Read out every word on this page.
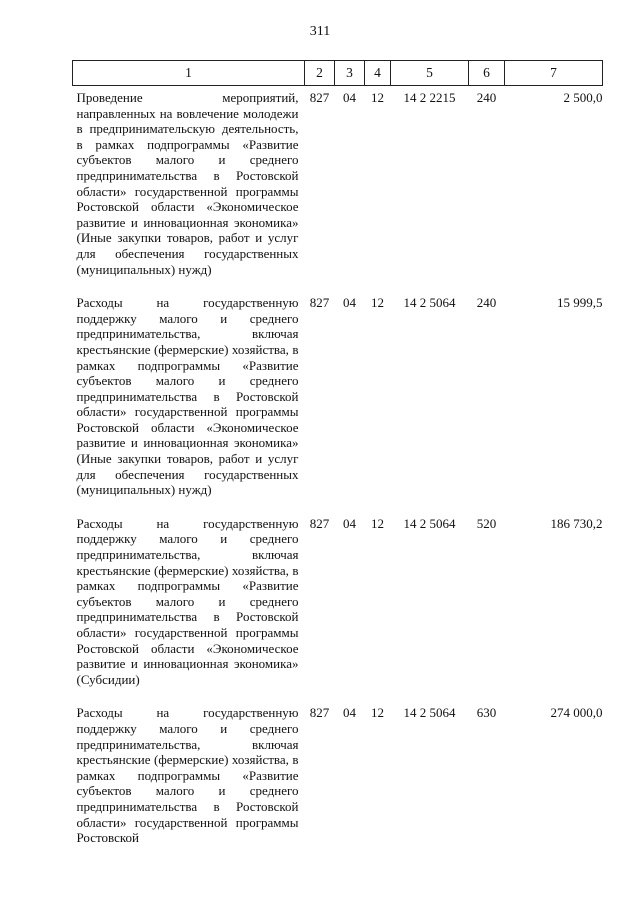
311
1	2	3	4	5	6	7
Проведение мероприятий, направленных на вовлечение молодежи в предпринимательскую деятельность, в рамках подпрограммы «Развитие субъектов малого и среднего предпринимательства в Ростовской области» государственной программы Ростовской области «Экономическое развитие и инновационная экономика» (Иные закупки товаров, работ и услуг для обеспечения государственных (муниципальных) нужд)	827	04	12	14 2 2215	240	2 500,0
Расходы на государственную поддержку малого и среднего предпринимательства, включая крестьянские (фермерские) хозяйства, в рамках подпрограммы «Развитие субъектов малого и среднего предпринимательства в Ростовской области» государственной программы Ростовской области «Экономическое развитие и инновационная экономика» (Иные закупки товаров, работ и услуг для обеспечения государственных (муниципальных) нужд)	827	04	12	14 2 5064	240	15 999,5
Расходы на государственную поддержку малого и среднего предпринимательства, включая крестьянские (фермерские) хозяйства, в рамках подпрограммы «Развитие субъектов малого и среднего предпринимательства в Ростовской области» государственной программы Ростовской области «Экономическое развитие и инновационная экономика» (Субсидии)	827	04	12	14 2 5064	520	186 730,2
Расходы на государственную поддержку малого и среднего предпринимательства, включая крестьянские (фермерские) хозяйства, в рамках подпрограммы «Развитие субъектов малого и среднего предпринимательства в Ростовской области» государственной программы Ростовской	827	04	12	14 2 5064	630	274 000,0
